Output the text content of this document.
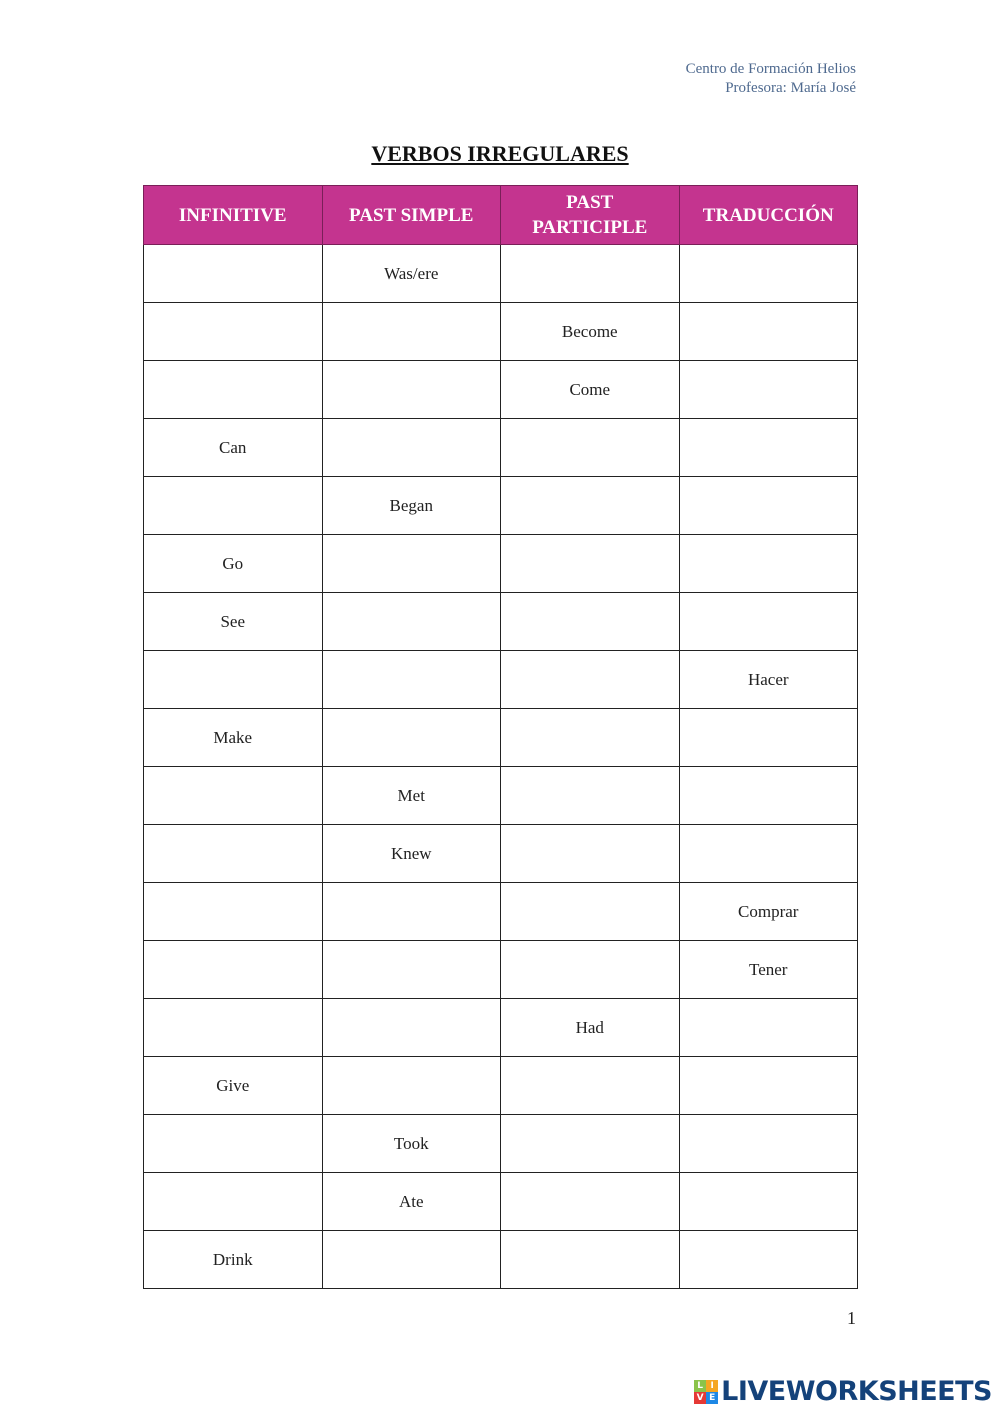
Centro de Formación Helios
Profesora: María José
VERBOS IRREGULARES
INFINITIVE	PAST SIMPLE	PAST PARTICIPLE	TRADUCCIÓN
	Was/ere		
		Become	
		Come	
Can			
	Began		
Go			
See			
			Hacer
Make			
	Met		
	Knew		
			Comprar
			Tener
		Had	
Give			
	Took		
	Ate		
Drink			
1
L I
V E LIVEWORKSHEETS
